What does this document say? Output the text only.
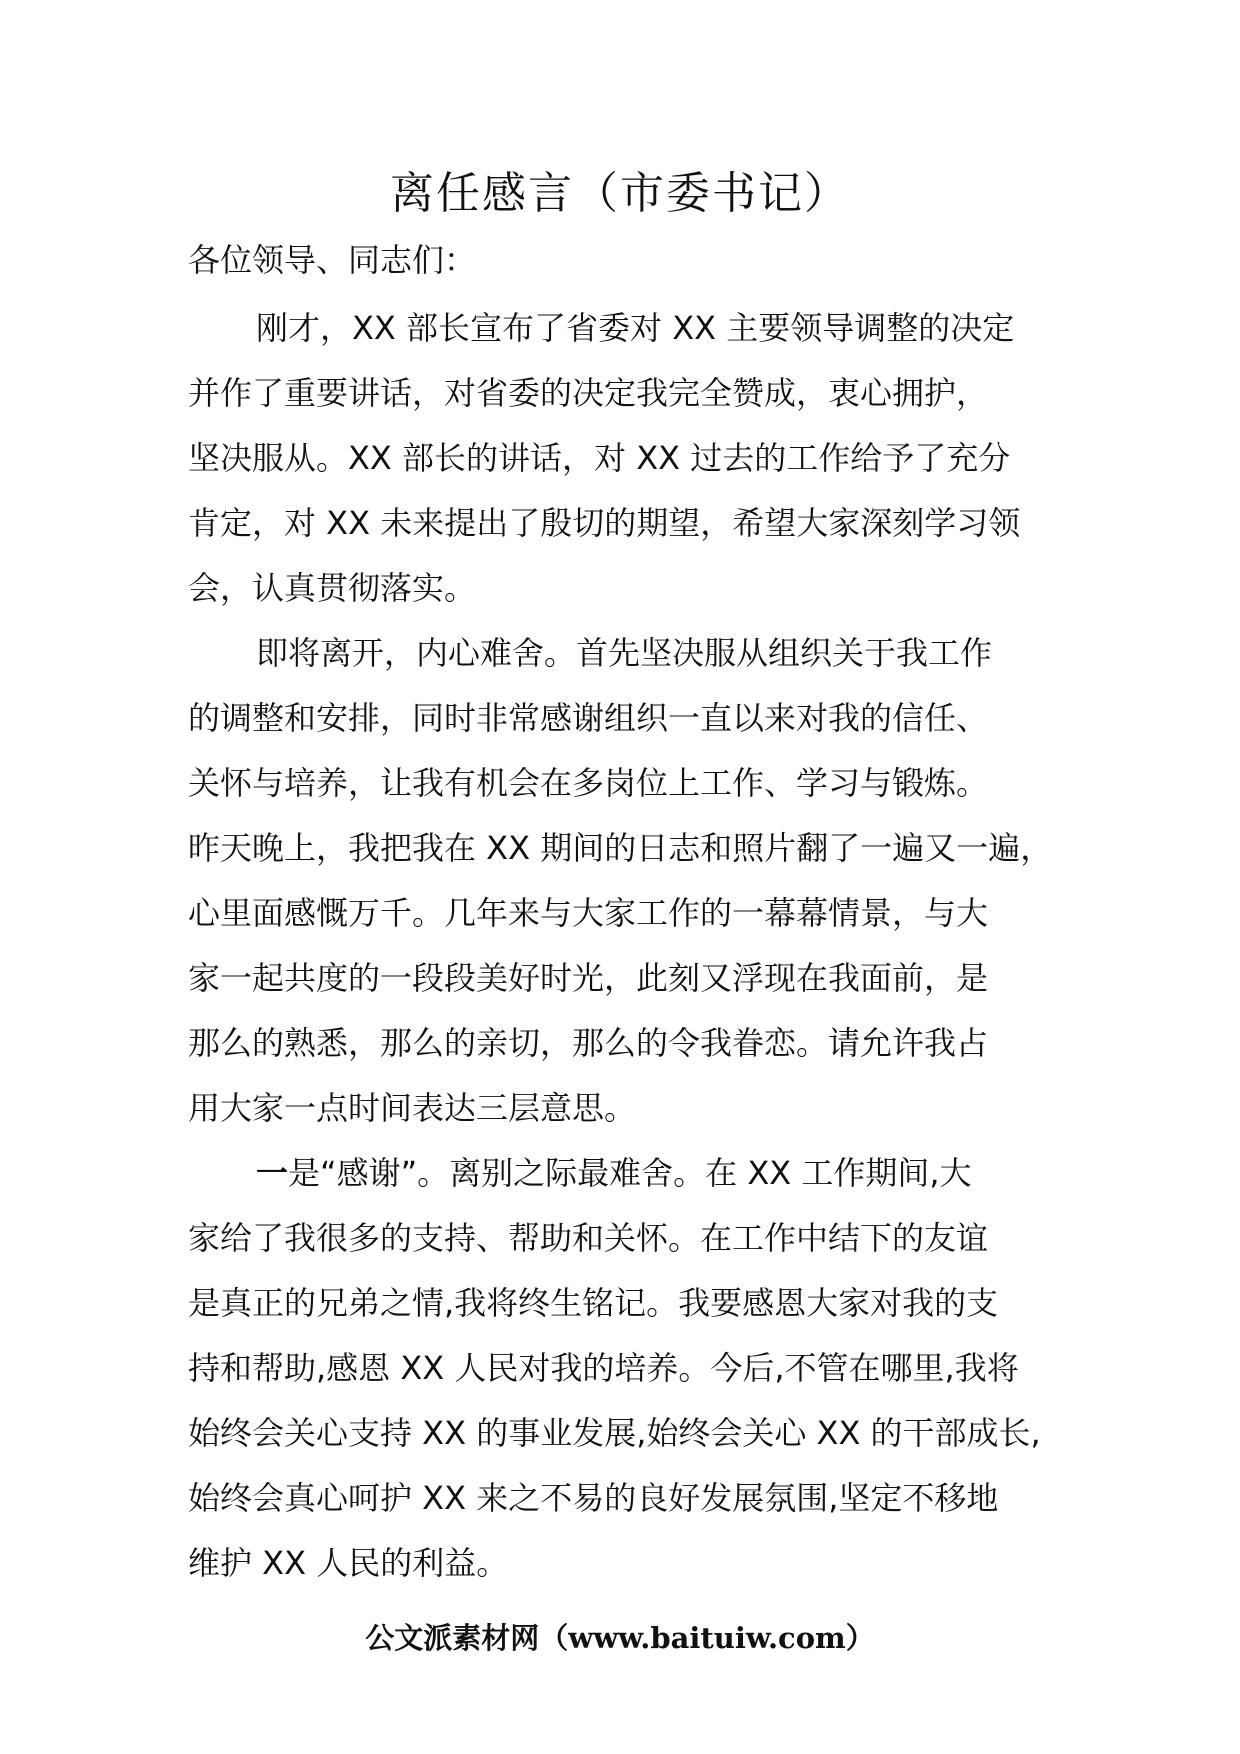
离任感言（市委书记）
各位领导、同志们：
刚才，XX 部长宣布了省委对 XX 主要领导调整的决定
并作了重要讲话，对省委的决定我完全赞成，衷心拥护，
坚决服从。XX 部长的讲话，对 XX 过去的工作给予了充分
肯定，对 XX 未来提出了殷切的期望，希望大家深刻学习领
会，认真贯彻落实。
即将离开，内心难舍。首先坚决服从组织关于我工作
的调整和安排，同时非常感谢组织一直以来对我的信任、
关怀与培养，让我有机会在多岗位上工作、学习与锻炼。
昨天晚上，我把我在 XX 期间的日志和照片翻了一遍又一遍，
心里面感慨万千。几年来与大家工作的一幕幕情景，与大
家一起共度的一段段美好时光，此刻又浮现在我面前，是
那么的熟悉，那么的亲切，那么的令我眷恋。请允许我占
用大家一点时间表达三层意思。
一是“感谢”。离别之际最难舍。在 XX 工作期间,大
家给了我很多的支持、帮助和关怀。在工作中结下的友谊
是真正的兄弟之情,我将终生铭记。我要感恩大家对我的支
持和帮助,感恩 XX 人民对我的培养。今后,不管在哪里,我将
始终会关心支持 XX 的事业发展,始终会关心 XX 的干部成长,
始终会真心呵护 XX 来之不易的良好发展氛围,坚定不移地
维护 XX 人民的利益。
公文派素材网（www.baituiw.com）
